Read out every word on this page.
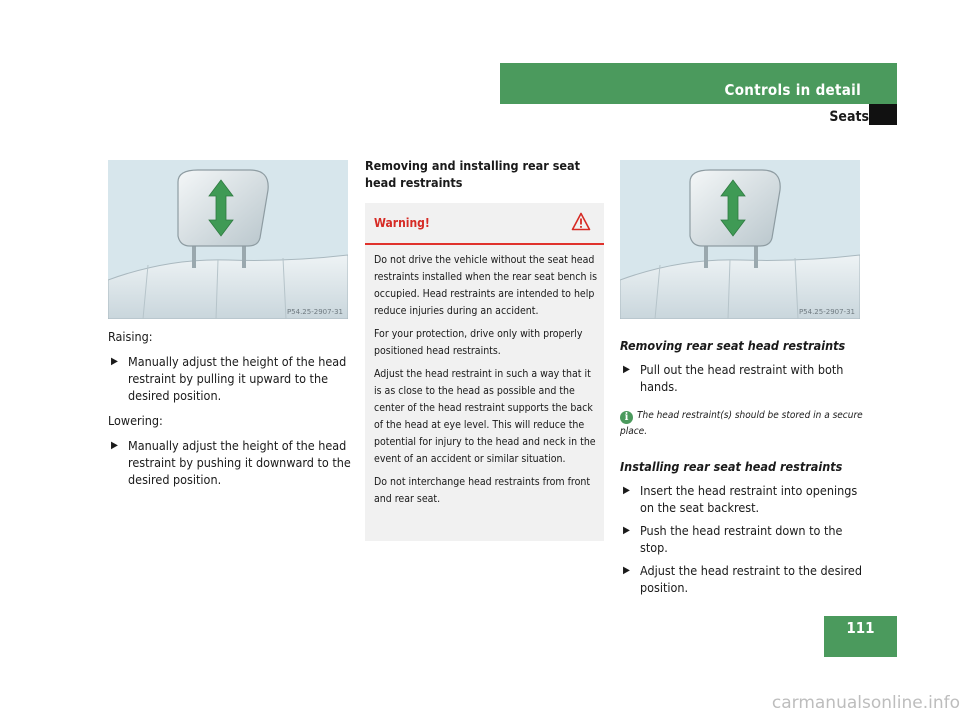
Controls in detail
Seats
P54.25-2907-31
Raising:
▶ Manually adjust the height of the head restraint by pulling it upward to the desired position.
Lowering:
▶ Manually adjust the height of the head restraint by pushing it downward to the desired position.
Removing and installing rear seat head restraints
Warning!

Do not drive the vehicle without the seat head restraints installed when the rear seat bench is occupied. Head restraints are intended to help reduce injuries during an accident.

For your protection, drive only with properly positioned head restraints.

Adjust the head restraint in such a way that it is as close to the head as possible and the center of the head restraint supports the back of the head at eye level. This will reduce the potential for injury to the head and neck in the event of an accident or similar situation.

Do not interchange head restraints from front and rear seat.

P54.25-2907-31
Removing rear seat head restraints
▶ Pull out the head restraint with both hands.
i The head restraint(s) should be stored in a secure place.
Installing rear seat head restraints
▶ Insert the head restraint into openings on the seat backrest.
▶ Push the head restraint down to the stop.
▶ Adjust the head restraint to the desired position.
111
carmanualsonline.info
